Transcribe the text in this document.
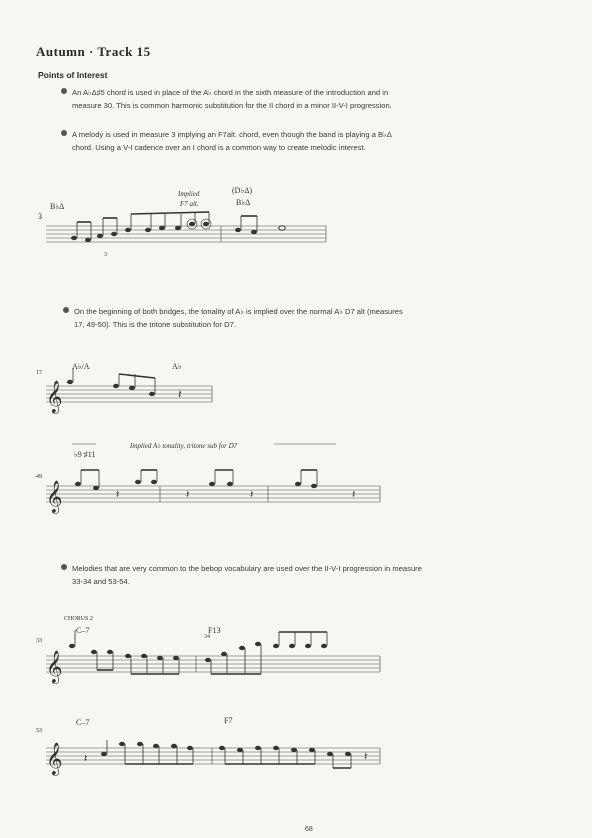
Autumn · Track 15
Points of Interest
An A♭Δ♯5 chord is used in place of the A♭ chord in the sixth measure of the introduction and in measure 30. This is common harmonic substitution for the II chord in a minor II-V-I progression.
A melody is used in measure 3 implying an F7alt. chord, even though the band is playing a B♭Δ chord. Using a V-I cadence over an I chord is a common way to create melodic interest.
3
B♭Δ
Implied
F7 alt.
(D♭Δ)
B♭Δ
3
On the beginning of both bridges, the tonality of A♭ is implied over the normal A♭ D7 alt (measures 17, 49-50). This is the tritone substitution for D7.
17
A♭/A	A♭
𝄞	𝄽
♭9 ♯11
Implied A♭ tonality, tritone sub for D7
49
𝄞	𝄽	𝄽	𝄽	𝄽
Melodies that are very common to the bebop vocabulary are used over the II-V-I progression in measure 33-34 and 53-54.
CHORUS 2
C–7
33
34
F13
𝄞
C–7
53
F7
𝄞 𝄽	𝄽
68
